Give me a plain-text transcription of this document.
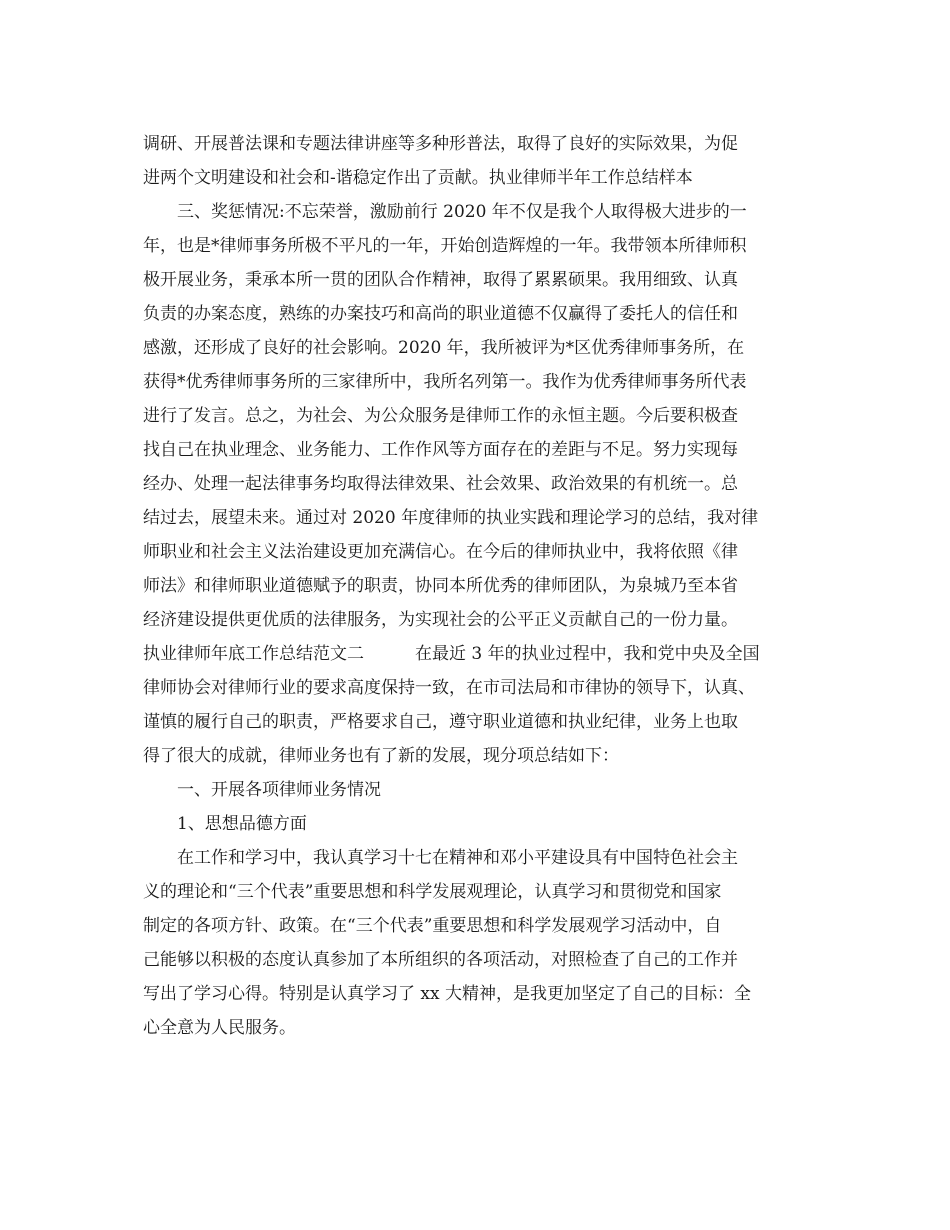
调研、开展普法课和专题法律讲座等多种形普法，取得了良好的实际效果，为促
进两个文明建设和社会和-谐稳定作出了贡献。执业律师半年工作总结样本
　　三、奖惩情况:不忘荣誉，激励前行 2020 年不仅是我个人取得极大进步的一
年，也是*律师事务所极不平凡的一年，开始创造辉煌的一年。我带领本所律师积
极开展业务，秉承本所一贯的团队合作精神，取得了累累硕果。我用细致、认真
负责的办案态度，熟练的办案技巧和高尚的职业道德不仅赢得了委托人的信任和
感激，还形成了良好的社会影响。2020 年，我所被评为*区优秀律师事务所，在
获得*优秀律师事务所的三家律所中，我所名列第一。我作为优秀律师事务所代表
进行了发言。总之，为社会、为公众服务是律师工作的永恒主题。今后要积极查
找自己在执业理念、业务能力、工作作风等方面存在的差距与不足。努力实现每
经办、处理一起法律事务均取得法律效果、社会效果、政治效果的有机统一。总
结过去，展望未来。通过对 2020 年度律师的执业实践和理论学习的总结，我对律
师职业和社会主义法治建设更加充满信心。在今后的律师执业中，我将依照《律
师法》和律师职业道德赋予的职责，协同本所优秀的律师团队，为泉城乃至本省
经济建设提供更优质的法律服务，为实现社会的公平正义贡献自己的一份力量。
执业律师年底工作总结范文二　　　在最近 3 年的执业过程中，我和党中央及全国
律师协会对律师行业的要求高度保持一致，在市司法局和市律协的领导下，认真、
谨慎的履行自己的职责，严格要求自己，遵守职业道德和执业纪律，业务上也取
得了很大的成就，律师业务也有了新的发展，现分项总结如下：
　　一、开展各项律师业务情况
　　1、思想品德方面
　　在工作和学习中，我认真学习十七在精神和邓小平建设具有中国特色社会主
义的理论和“三个代表”重要思想和科学发展观理论，认真学习和贯彻党和国家
制定的各项方针、政策。在“三个代表”重要思想和科学发展观学习活动中，自
己能够以积极的态度认真参加了本所组织的各项活动，对照检查了自己的工作并
写出了学习心得。特别是认真学习了 xx 大精神，是我更加坚定了自己的目标：全
心全意为人民服务。
